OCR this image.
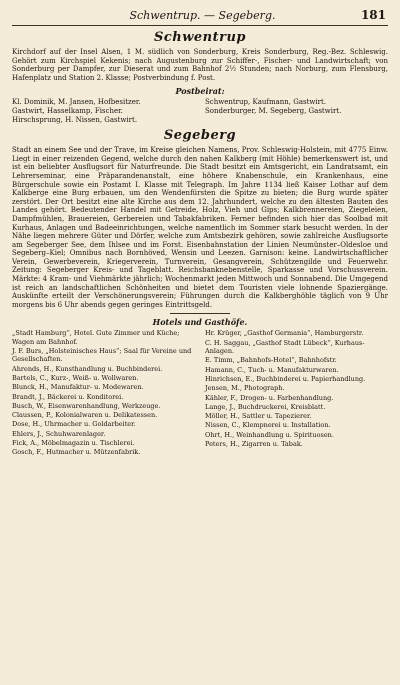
Schwentrup. — Segeberg.	181
Schwentrup

Kirchdorf auf der Insel Alsen, 1 M. südlich von Sonderburg, Kreis Sonderburg, Reg.-Bez. Schleswig. Gehört zum Kirchspiel Kekenis; nach Augustenburg zur Schiffer-, Fischer- und Landwirtschaft; von Sonderburg per Dampfer, zur Dieserat und zum Bahnhof 2½ Stunden; nach Norburg, zum Flensburg, Hafenplatz und Station 2. Klasse; Postverbindung f. Post.

Postbeirat:
Kl. Dominik, M. Jansen, Hofbesitzer.	Schwentrup, Kaufmann, Gastwirt.
Gastwirt, Hasselkamp, Fischer.	Sonderburger, M. Segeberg, Gastwirt.
Hirschsprung, H. Nissen, Gastwirt.
Segeberg

Stadt an einem See und der Trave, im Kreise gleichen Namens, Prov. Schleswig-Holstein, mit 4775 Einw. Liegt in einer reizenden Gegend, welche durch den nahen Kalkberg (mit Höhle) bemerkenswert ist, und ist ein beliebter Ausflugsort für Naturfreunde. Die Stadt besitzt ein Amtsgericht, ein Landratsamt, ein Lehrerseminar, eine Präparandenanstalt, eine höhere Knabenschule, ein Krankenhaus, eine Bürgerschule sowie ein Postamt I. Klasse mit Telegraph. Im Jahre 1134 ließ Kaiser Lothar auf dem Kalkberge eine Burg erbauen, um den Wendenfürsten die Spitze zu bieten; die Burg wurde später zerstört. Der Ort besitzt eine alte Kirche aus dem 12. Jahrhundert, welche zu den ältesten Bauten des Landes gehört. Bedeutender Handel mit Getreide, Holz, Vieh und Gips; Kalkbrennereien, Ziegeleien, Dampfmühlen, Brauereien, Gerbereien und Tabakfabriken. Ferner befinden sich hier das Soolbad mit Kurhaus, Anlagen und Badeeinrichtungen, welche namentlich im Sommer stark besucht werden. In der Nähe liegen mehrere Güter und Dörfer, welche zum Amtsbezirk gehören, sowie zahlreiche Ausflugsorte am Segeberger See, dem Ihlsee und im Forst. Eisenbahnstation der Linien Neumünster–Oldesloe und Segeberg–Kiel; Omnibus nach Bornhöved, Wensin und Leezen. Garnison: keine. Landwirtschaftlicher Verein, Gewerbeverein, Kriegerverein, Turnverein, Gesangverein, Schützengilde und Feuerwehr. Zeitung: Segeberger Kreis- und Tageblatt. Reichsbanknebenstelle, Sparkasse und Vorschussverein. Märkte: 4 Kram- und Viehmärkte jährlich; Wochenmarkt jeden Mittwoch und Sonnabend. Die Umgegend ist reich an landschaftlichen Schönheiten und bietet dem Touristen viele lohnende Spaziergänge. Auskünfte erteilt der Verschönerungsverein; Führungen durch die Kalkberghöhle täglich von 9 Uhr morgens bis 6 Uhr abends gegen geringes Eintrittsgeld.

Hotels und Gasthöfe.
„Stadt Hamburg“, Hotel. Gute Zimmer und Küche; Wagen am Bahnhof.
J. F. Burs, „Holsteinisches Haus“; Saal für Vereine und Gesellschaften.
Ahrends, H., Kunsthandlung u. Buchbinderei.
Bartels, C., Kurz-, Weiß- u. Wollwaren.
Blunck, H., Manufaktur- u. Modewaren.
Brandt, J., Bäckerei u. Konditorei.
Busch, W., Eisenwarenhandlung, Werkzeuge.
Claussen, P., Kolonialwaren u. Delikatessen.
Dose, H., Uhrmacher u. Goldarbeiter.
Ehlers, J., Schuhwarenlager.
Fick, A., Möbelmagazin u. Tischlerei.
Gosch, F., Hutmacher u. Mützenfabrik.
Hr. Krüger, „Gasthof Germania“, Hamburgerstr.
C. H. Saggau, „Gasthof Stadt Lübeck“, Kurhaus-Anlagen.
E. Timm, „Bahnhofs-Hotel“, Bahnhofstr.
Hamann, C., Tuch- u. Manufakturwaren.
Hinrichsen, E., Buchbinderei u. Papierhandlung.
Jensen, M., Photograph.
Kähler, F., Drogen- u. Farbenhandlung.
Lange, J., Buchdruckerei, Kreisblatt.
Möller, H., Sattler u. Tapezierer.
Nissen, C., Klempnerei u. Installation.
Ohrt, H., Weinhandlung u. Spirituosen.
Peters, H., Zigarren u. Tabak.
